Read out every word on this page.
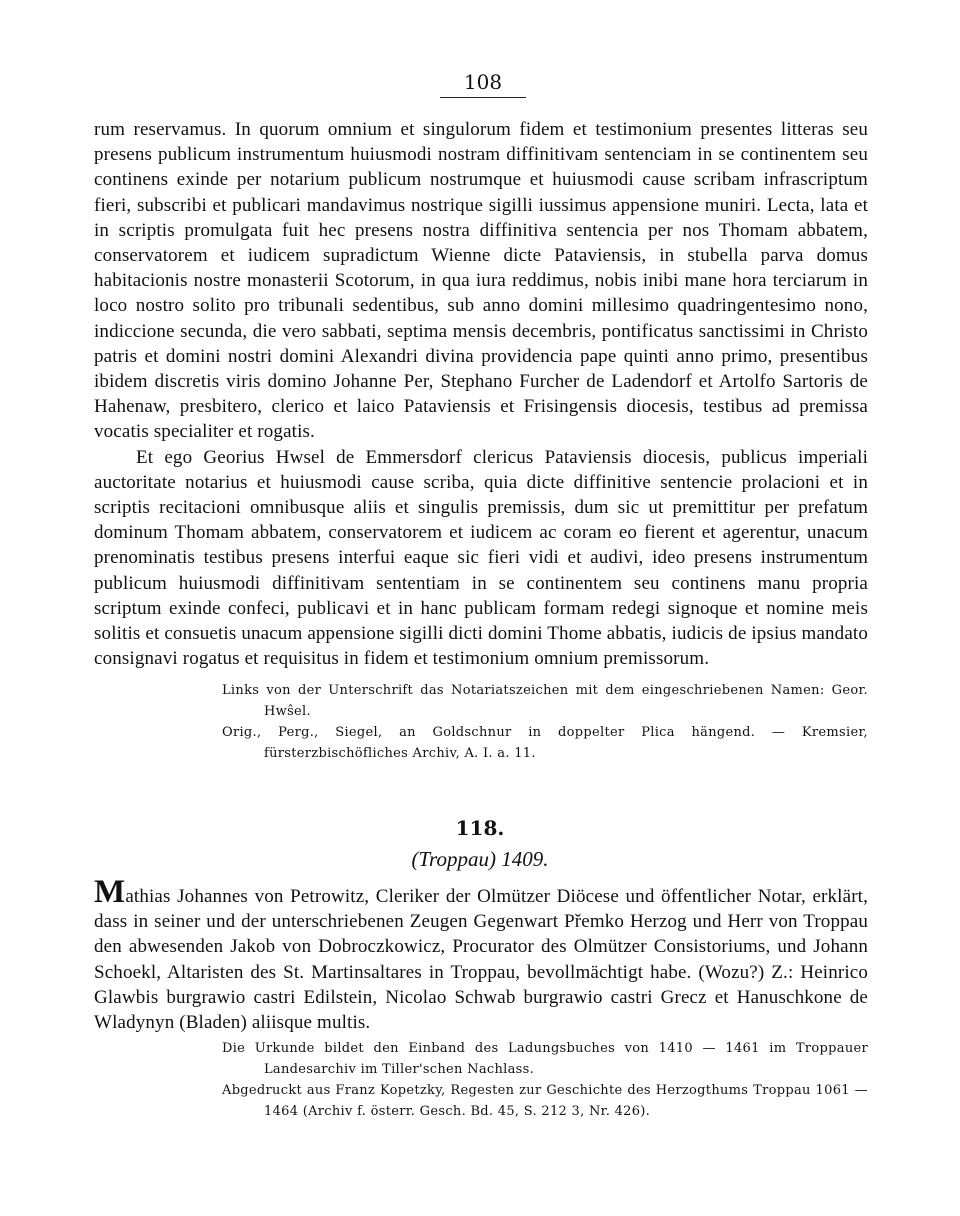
108

rum reservamus. In quorum omnium et singulorum fidem et testimonium presentes litteras seu presens publicum instrumentum huiusmodi nostram diffinitivam sentenciam in se continentem seu continens exinde per notarium publicum nostrumque et huiusmodi cause scribam infrascriptum fieri, subscribi et publicari mandavimus nostrique sigilli iussimus appensione muniri. Lecta, lata et in scriptis promulgata fuit hec presens nostra diffinitiva sentencia per nos Thomam abbatem, conservatorem et iudicem supradictum Wienne dicte Pataviensis, in stubella parva domus habitacionis nostre monasterii Scotorum, in qua iura reddimus, nobis inibi mane hora terciarum in loco nostro solito pro tribunali sedentibus, sub anno domini millesimo quadringentesimo nono, indiccione secunda, die vero sabbati, septima mensis decembris, pontificatus sanctissimi in Christo patris et domini nostri domini Alexandri divina providencia pape quinti anno primo, presentibus ibidem discretis viris domino Johanne Per, Stephano Furcher de Ladendorf et Artolfo Sartoris de Hahenaw, presbitero, clerico et laico Pataviensis et Frisingensis diocesis, testibus ad premissa vocatis specialiter et rogatis.

Et ego Georius Hwsel de Emmersdorf clericus Pataviensis diocesis, publicus imperiali auctoritate notarius et huiusmodi cause scriba, quia dicte diffinitive sentencie prolacioni et in scriptis recitacioni omnibusque aliis et singulis premissis, dum sic ut premittitur per prefatum dominum Thomam abbatem, conservatorem et iudicem ac coram eo fierent et agerentur, unacum prenominatis testibus presens interfui eaque sic fieri vidi et audivi, ideo presens instrumentum publicum huiusmodi diffinitivam sententiam in se continentem seu continens manu propria scriptum exinde confeci, publicavi et in hanc publicam formam redegi signoque et nomine meis solitis et consuetis unacum appensione sigilli dicti domini Thome abbatis, iudicis de ipsius mandato consignavi rogatus et requisitus in fidem et testimonium omnium premissorum.

Links von der Unterschrift das Notariatszeichen mit dem eingeschriebenen Namen: Geor. Hwŝel.

Orig., Perg., Siegel, an Goldschnur in doppelter Plica hängend. — Kremsier, fürsterzbischöfliches Archiv, A. I. a. 11.

118.
(Troppau) 1409.

Mathias Johannes von Petrowitz, Cleriker der Olmützer Diöcese und öffentlicher Notar, erklärt, dass in seiner und der unterschriebenen Zeugen Gegenwart Přemko Herzog und Herr von Troppau den abwesenden Jakob von Dobroczkowicz, Procurator des Olmützer Consistoriums, und Johann Schoekl, Altaristen des St. Martinsaltares in Troppau, bevollmächtigt habe. (Wozu?) Z.: Heinrico Glawbis burgrawio castri Edilstein, Nicolao Schwab burgrawio castri Grecz et Hanuschkone de Wladynyn (Bladen) aliisque multis.

Die Urkunde bildet den Einband des Ladungsbuches von 1410 — 1461 im Troppauer Landesarchiv im Tiller'schen Nachlass.

Abgedruckt aus Franz Kopetzky, Regesten zur Geschichte des Herzogthums Troppau 1061 — 1464 (Archiv f. österr. Gesch. Bd. 45, S. 212 3, Nr. 426).
